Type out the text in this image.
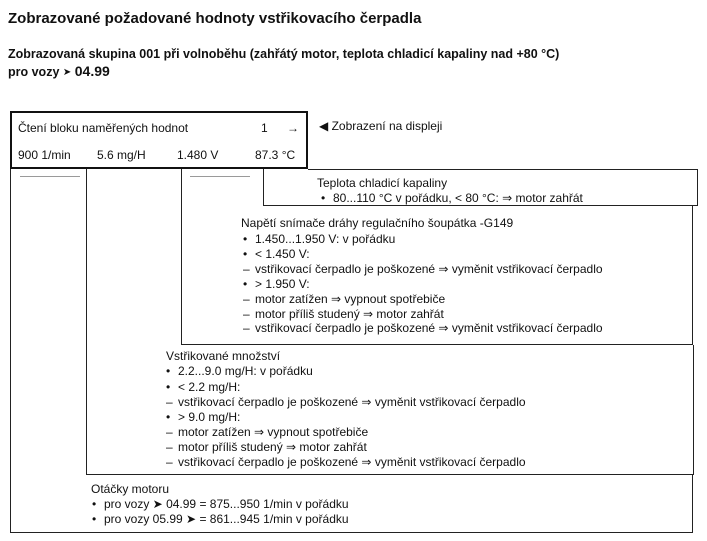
Zobrazované požadované hodnoty vstřikovacího čerpadla
Zobrazovaná skupina 001 při volnoběhu (zahřátý motor, teplota chladicí kapaliny nad +80 °C)
pro vozy ➤ 04.99
Čtení bloku naměřených hodnot	1 →
900 1/min 5.6 mg/H	1.480 V	87.3 °C
◀ Zobrazení na displeji
Teplota chladicí kapaliny
• 80...110 °C v pořádku, < 80 °C: ⇒ motor zahřát
Napětí snímače dráhy regulačního šoupátka -G149
• 1.450...1.950 V: v pořádku
• < 1.450 V:
– vstřikovací čerpadlo je poškozené ⇒ vyměnit vstřikovací čerpadlo
• > 1.950 V:
– motor zatížen ⇒ vypnout spotřebiče
– motor příliš studený ⇒ motor zahřát
– vstřikovací čerpadlo je poškozené ⇒ vyměnit vstřikovací čerpadlo
Vstřikované množství
• 2.2...9.0 mg/H: v pořádku
• < 2.2 mg/H:
– vstřikovací čerpadlo je poškozené ⇒ vyměnit vstřikovací čerpadlo
• > 9.0 mg/H:
– motor zatížen ⇒ vypnout spotřebiče
– motor příliš studený ⇒ motor zahřát
– vstřikovací čerpadlo je poškozené ⇒ vyměnit vstřikovací čerpadlo
Otáčky motoru
• pro vozy ➤ 04.99 = 875...950 1/min v pořádku
• pro vozy 05.99 ➤ = 861...945 1/min v pořádku
